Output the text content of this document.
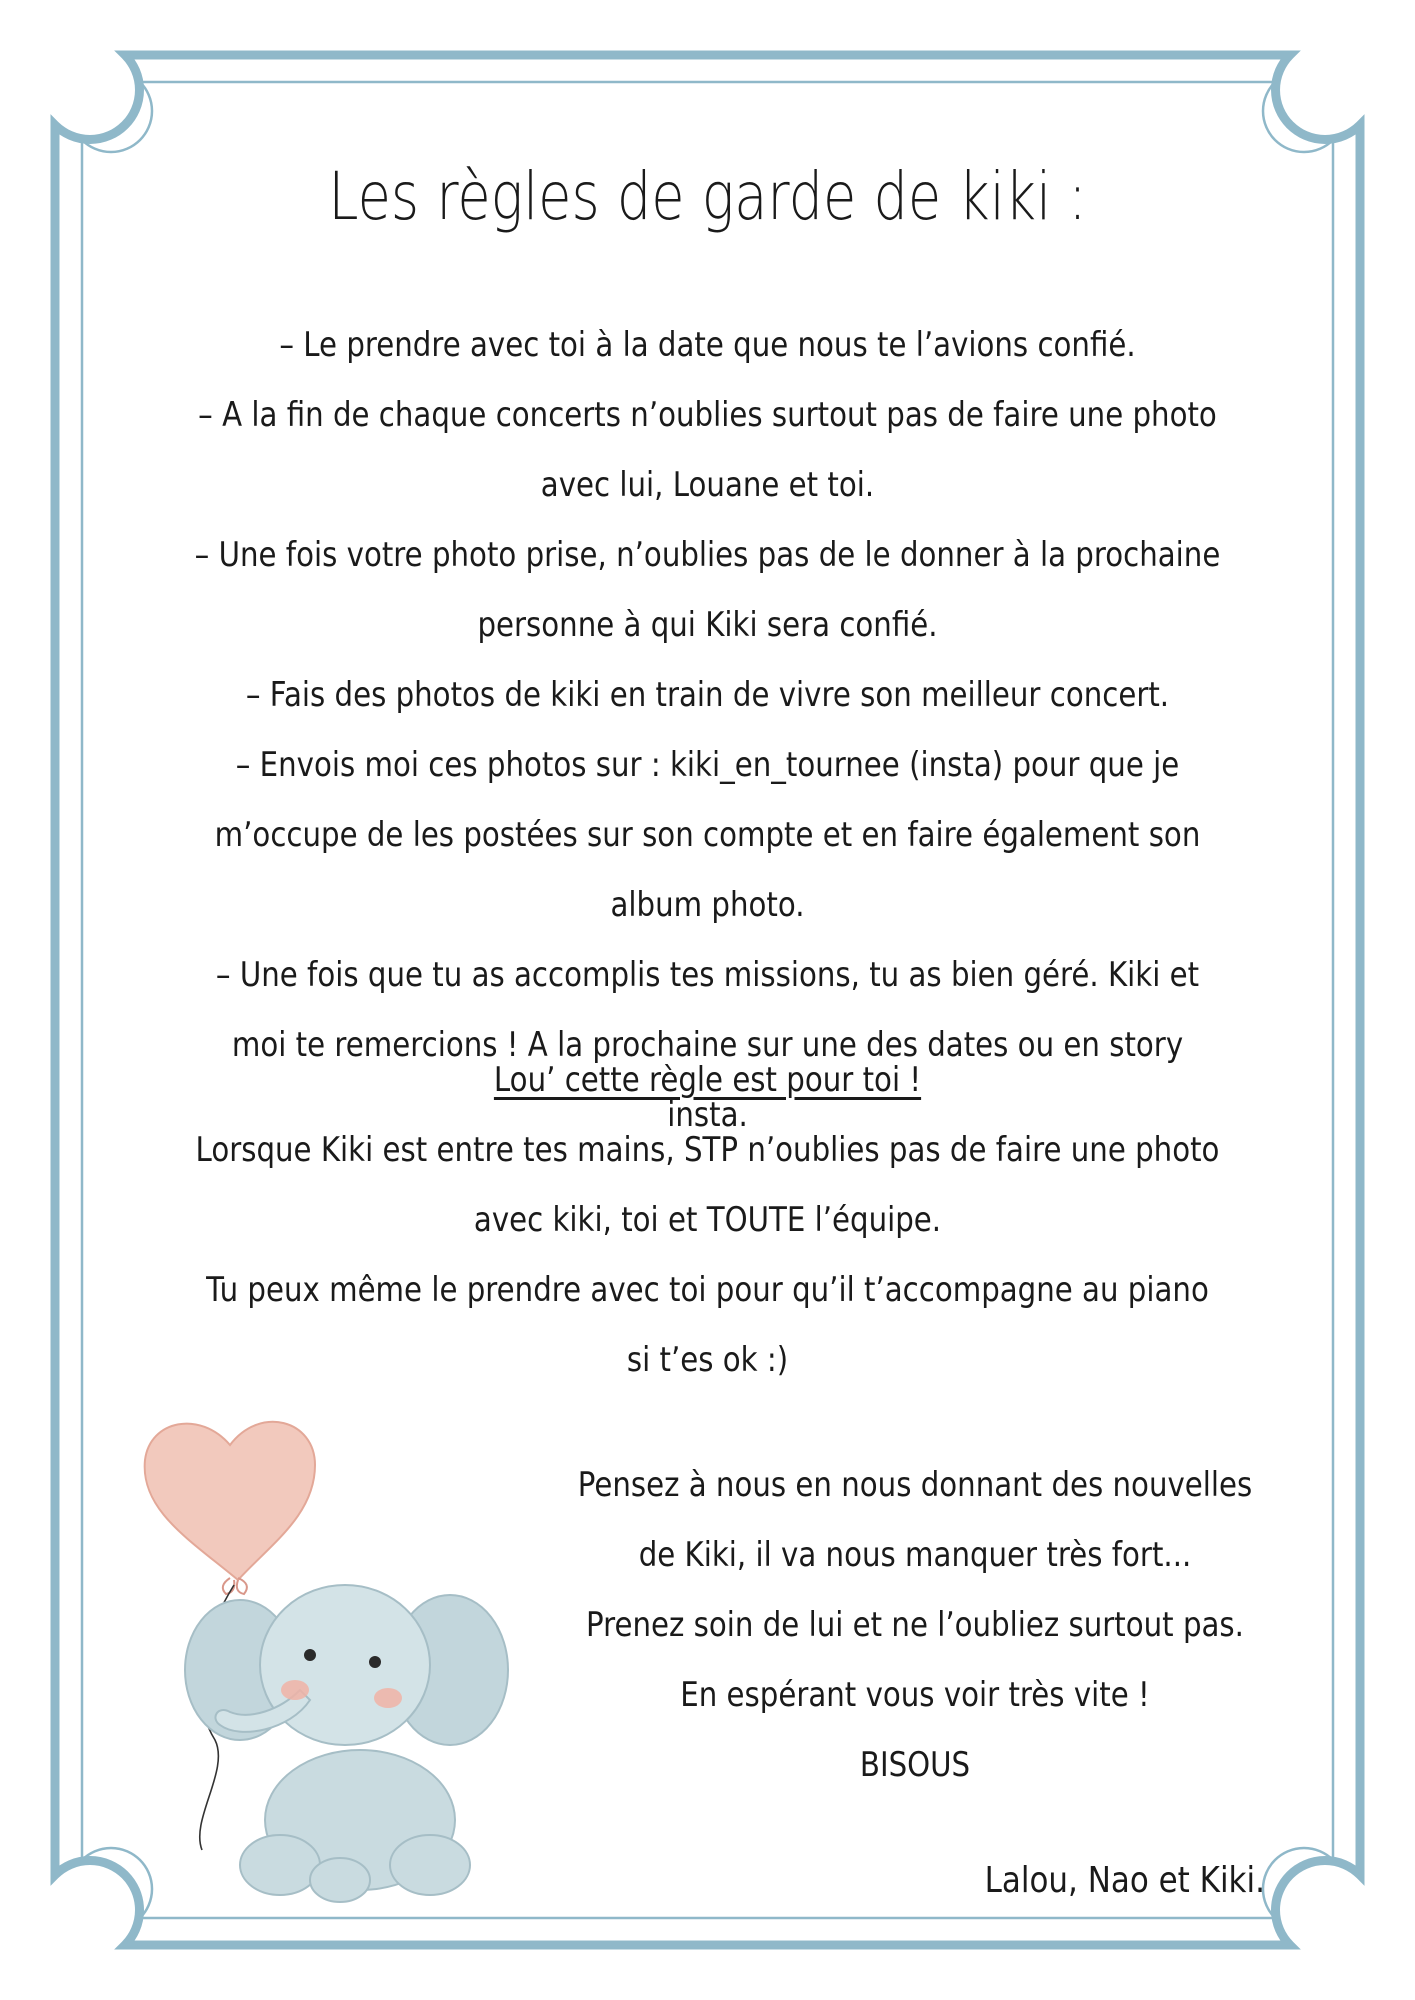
Les règles de garde de kiki :

– Le prendre avec toi à la date que nous te l’avions confié.

– A la fin de chaque concerts n’oublies surtout pas de faire une photo avec lui, Louane et toi.

– Une fois votre photo prise, n’oublies pas de le donner à la prochaine personne à qui Kiki sera confié.

– Fais des photos de kiki en train de vivre son meilleur concert.

– Envois moi ces photos sur : kiki_en_tournee (insta) pour que je m’occupe de les postées sur son compte et en faire également son album photo.

– Une fois que tu as accomplis tes missions, tu as bien géré. Kiki et moi te remercions ! A la prochaine sur une des dates ou en story insta.

Lou’ cette règle est pour toi !

Lorsque Kiki est entre tes mains, STP n’oublies pas de faire une photo avec kiki, toi et TOUTE l’équipe.

Tu peux même le prendre avec toi pour qu’il t’accompagne au piano si t’es ok :)

Pensez à nous en nous donnant des nouvelles de Kiki, il va nous manquer très fort...

Prenez soin de lui et ne l’oubliez surtout pas.

En espérant vous voir très vite !

BISOUS

Lalou, Nao et Kiki.
